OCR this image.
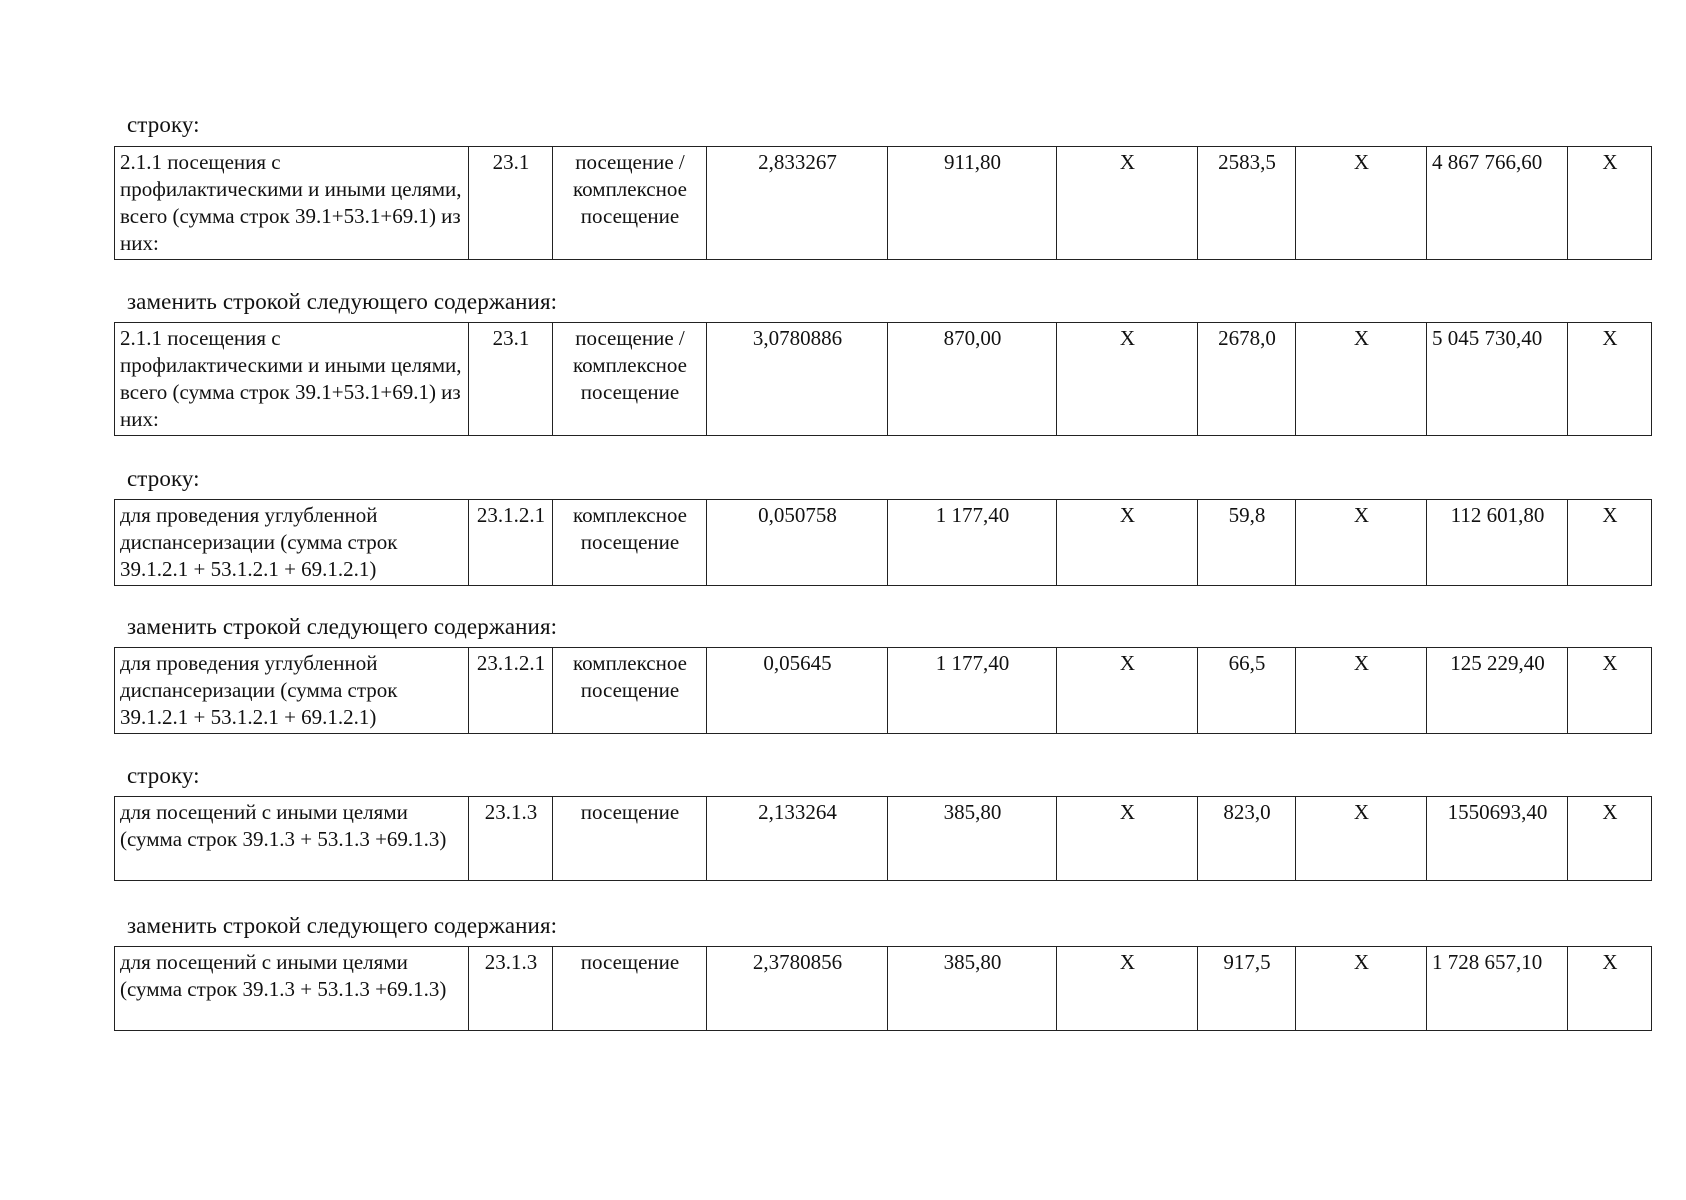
строку:
2.1.1 посещения с профилактическими и иными целями, всего (сумма строк 39.1+53.1+69.1) из них:	23.1	посещение / комплексное посещение	2,833267	911,80	X	2583,5	X	4 867 766,60	X
заменить строкой следующего содержания:
2.1.1 посещения с профилактическими и иными целями, всего (сумма строк 39.1+53.1+69.1) из них:	23.1	посещение / комплексное посещение	3,0780886	870,00	X	2678,0	X	5 045 730,40	X
строку:
для проведения углубленной диспансеризации (сумма строк 39.1.2.1 + 53.1.2.1 + 69.1.2.1)	23.1.2.1	комплексное посещение	0,050758	1 177,40	X	59,8	X	112 601,80	X
заменить строкой следующего содержания:
для проведения углубленной диспансеризации (сумма строк 39.1.2.1 + 53.1.2.1 + 69.1.2.1)	23.1.2.1	комплексное посещение	0,05645	1 177,40	X	66,5	X	125 229,40	X
строку:
для посещений с иными целями (сумма строк 39.1.3 + 53.1.3 +69.1.3)	23.1.3	посещение	2,133264	385,80	X	823,0	X	1550693,40	X
заменить строкой следующего содержания:
для посещений с иными целями (сумма строк 39.1.3 + 53.1.3 +69.1.3)	23.1.3	посещение	2,3780856	385,80	X	917,5	X	1 728 657,10	X
